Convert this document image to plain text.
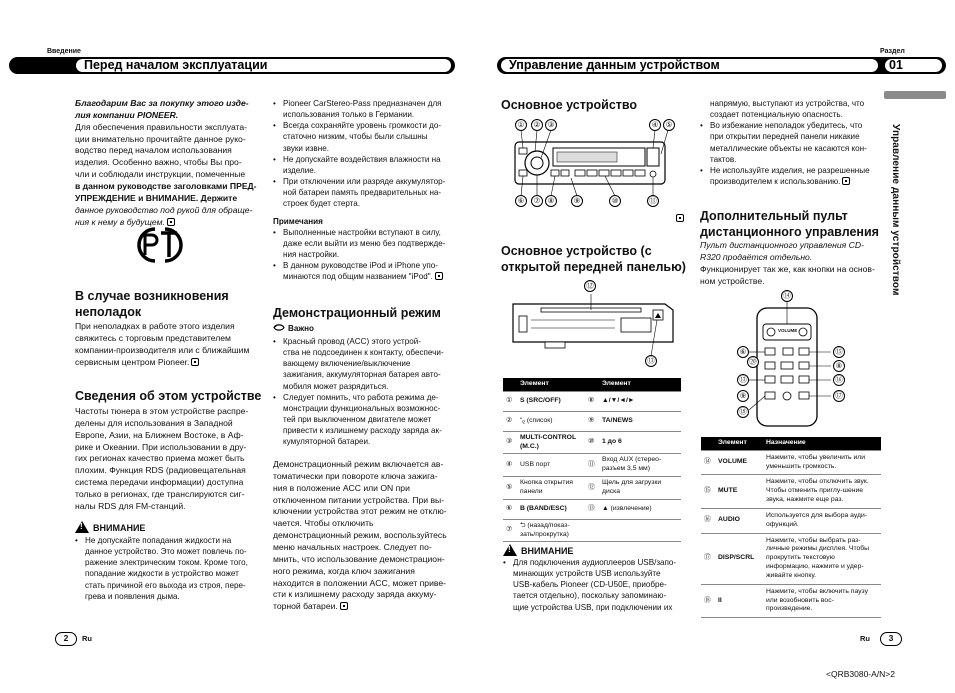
Введение
Перед началом эксплуатации

Благодарим Вас за покупку этого изде-
лия компании PIONEER.

Для обеспечения правильности эксплуата-
ции внимательно прочитайте данное руко-
водство перед началом использования
изделия. Особенно важно, чтобы Вы про-
чли и соблюдали инструкции, помеченные
в данном руководстве заголовками ПРЕД-
УПРЕЖДЕНИЕ и ВНИМАНИЕ. Держите
данное руководство под рукой для обраще-
ния к нему в будущем.

В случае возникновения
неполадок
При неполадках в работе этого изделия
свяжитесь с торговым представителем
компании-производителя или с ближайшим
сервисным центром Pioneer.
Сведения об этом устройстве
Частоты тюнера в этом устройстве распре-
делены для использования в Западной
Европе, Азии, на Ближнем Востоке, в Аф-
рике и Океании. При использовании в дру-
гих регионах качество приема может быть
плохим. Функция RDS (радиовещательная
система передачи информации) доступна
только в регионах, где транслируются сиг-
налы RDS для FM-станций.
!ВНИМАНИЕ
• Не допускайте попадания жидкости на
данное устройство. Это может повлечь по-
ражение электрическим током. Кроме того,
попадание жидкости в устройство может
стать причиной его выхода из строя, пере-
грева и появления дыма.
• Pioneer CarStereo-Pass предназначен для
использования только в Германии.
• Всегда сохраняйте уровень громкости до-
статочно низким, чтобы были слышны
звуки извне.
• Не допускайте воздействия влажности на
изделие.
• При отключении или разряде аккумулятор-
ной батареи память предварительных на-
строек будет стерта.

Примечания

• Выполненные настройки вступают в силу,
даже если выйти из меню без подтвержде-
ния настройки.
• В данном руководстве iPod и iPhone упо-
минаются под общим названием "iPod".
Демонстрационный режим
Важно
• Красный провод (ACC) этого устрой-
ства не подсоединен к контакту, обеспечи-
вающему включение/выключение
зажигания, аккумуляторная батарея авто-
мобиля может разрядиться.
• Следует помнить, что работа режима де-
монстрации функциональных возможнос-
тей при выключенном двигателе может
привести к излишнему расходу заряда ак-
кумуляторной батареи.
Демонстрационный режим включается ав-
томатически при повороте ключа зажига-
ния в положение ACC или ON при
отключенном питании устройства. При вы-
ключении устройства этот режим не отклю-
чается. Чтобы отключить
демонстрационный режим, воспользуйтесь
меню начальных настроек. Следует по-
мнить, что использование демонстрацион-
ного режима, когда ключ зажигания
находится в положении ACC, может приве-
сти к излишнему расходу заряда аккуму-
торной батареи.
2	Ru
Раздел
Управление данным устройством	01
Управление данным устройством
Основное устройство
①	② ③	④ ⑤
⑥	⑦ ⑧	⑨	⑩	⑪
Основное устройство (с
открытой передней панелью)
⑫
⑬
	Элемент		Элемент
①	S (SRC/OFF)	⑧	▲/▼/◄/►
②	ʺᵨ (список)	⑨	TA/NEWS
③	MULTI-CONTROL (M.C.)	⑩	1 до 6
④	USB порт	⑪	Вход AUX (стерео-разъем 3,5 мм)
⑤	Кнопка открытия панели	⑫	Щель для загрузки диска
⑥	B (BAND/ESC)	⑬	▲ (извлечение)
⑦	⮌ (назад/показ-зать/прокрутка)		
!ВНИМАНИЕ
• Для подключения аудиоплееров USB/запо-
минающих устройств USB используйте
USB-кабель Pioneer (CD-U50E, приобре-
тается отдельно), поскольку запоминаю-
щие устройства USB, при подключении их

напрямую, выступают из устройства, что
создает потенциальную опасность.

• Во избежание неполадок убедитесь, что
при открытии передней панели никакие
металлические объекты не касаются кон-
тактов.
• Не используйте изделия, не разрешенные
производителем к использованию.
Дополнительный пульт
дистанционного управления
Пульт дистанционного управления CD-
R320 продаётся отдельно.
Функционирует так же, как кнопки на основ-
ном устройстве.
VOLUME
⑭
⑥	⑮
⑳	⑧
⑬	⑯
⑨	⑰
⑱
	Элемент	Назначение
⑭	VOLUME	Нажмите, чтобы увеличить или уменьшить громкость.
⑮	MUTE	Нажмите, чтобы отключить звук. Чтобы отменить приглу-шение звука, нажмите еще раз.
⑯	AUDIO	Используется для выбора ауди-офункций.
⑰	DISP/SCRL	Нажмите, чтобы выбрать раз-личные режимы дисплея. Чтобы прокрутить текстовую информацию, нажмите и удер-живайте кнопку.
⑱	II	Нажмите, чтобы включить паузу или возобновить вос-произведение.
Ru	3
<QRB3080-A/N>2
